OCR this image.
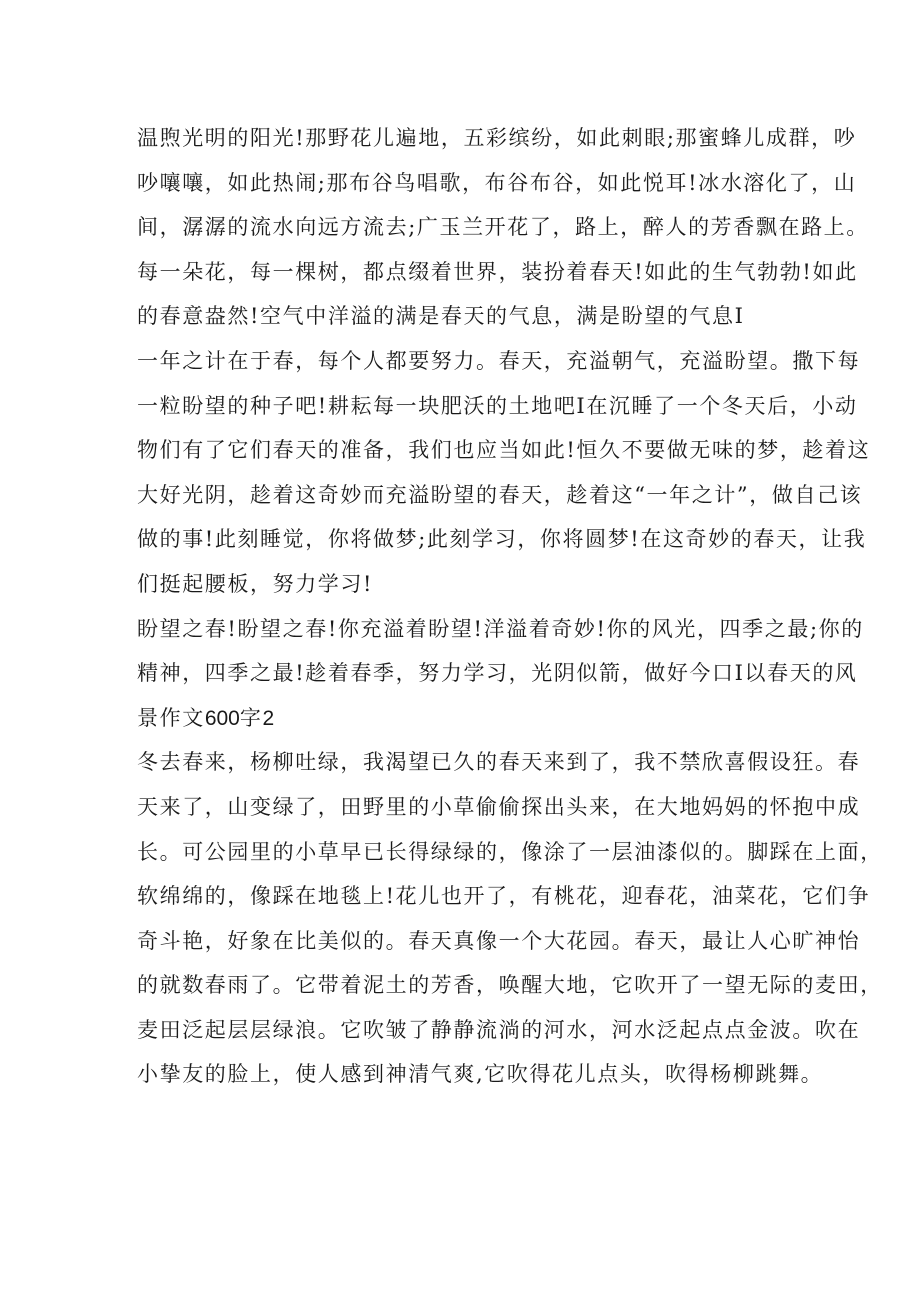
温煦光明的阳光!那野花儿遍地，五彩缤纷，如此刺眼;那蜜蜂儿成群，吵
吵嚷嚷，如此热闹;那布谷鸟唱歌，布谷布谷，如此悦耳!冰水溶化了，山
间，潺潺的流水向远方流去;广玉兰开花了，路上，醉人的芳香飘在路上。
每一朵花，每一棵树，都点缀着世界，装扮着春天!如此的生气勃勃!如此
的春意盎然!空气中洋溢的满是春天的气息，满是盼望的气息I
一年之计在于春，每个人都要努力。春天，充溢朝气，充溢盼望。撒下每
一粒盼望的种子吧!耕耘每一块肥沃的土地吧I在沉睡了一个冬天后，小动
物们有了它们春天的准备，我们也应当如此!恒久不要做无味的梦，趁着这
大好光阴，趁着这奇妙而充溢盼望的春天，趁着这“一年之计”，做自己该
做的事!此刻睡觉，你将做梦;此刻学习，你将圆梦!在这奇妙的春天，让我
们挺起腰板，努力学习!
盼望之春!盼望之春!你充溢着盼望!洋溢着奇妙!你的风光，四季之最;你的
精神，四季之最!趁着春季，努力学习，光阴似箭，做好今口I以春天的风
景作文600字2
冬去春来，杨柳吐绿，我渴望已久的春天来到了，我不禁欣喜假设狂。春
天来了，山变绿了，田野里的小草偷偷探出头来，在大地妈妈的怀抱中成
长。可公园里的小草早已长得绿绿的，像涂了一层油漆似的。脚踩在上面，
软绵绵的，像踩在地毯上!花儿也开了，有桃花，迎春花，油菜花，它们争
奇斗艳，好象在比美似的。春天真像一个大花园。春天，最让人心旷神怡
的就数春雨了。它带着泥土的芳香，唤醒大地，它吹开了一望无际的麦田，
麦田泛起层层绿浪。它吹皱了静静流淌的河水，河水泛起点点金波。吹在
小挚友的脸上，使人感到神清气爽,它吹得花儿点头，吹得杨柳跳舞。
